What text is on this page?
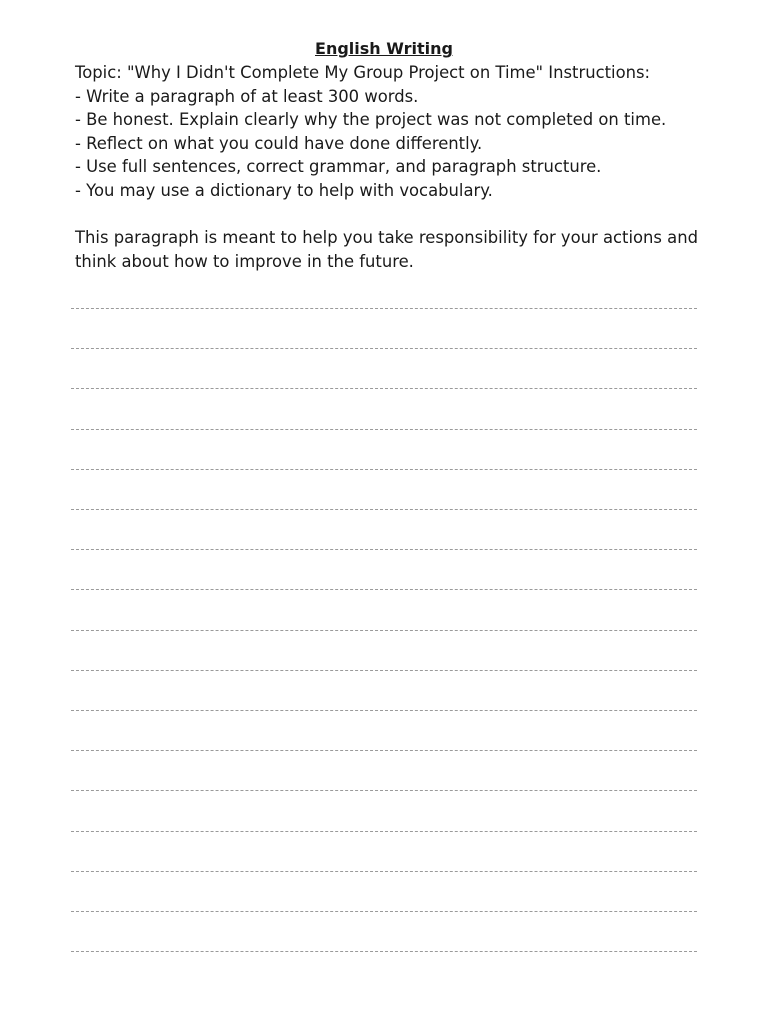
English Writing
Topic: "Why I Didn't Complete My Group Project on Time" Instructions:
- Write a paragraph of at least 300 words.
- Be honest. Explain clearly why the project was not completed on time.
- Reflect on what you could have done differently.
- Use full sentences, correct grammar, and paragraph structure.
- You may use a dictionary to help with vocabulary.
This paragraph is meant to help you take responsibility for your actions and think about how to improve in the future.
